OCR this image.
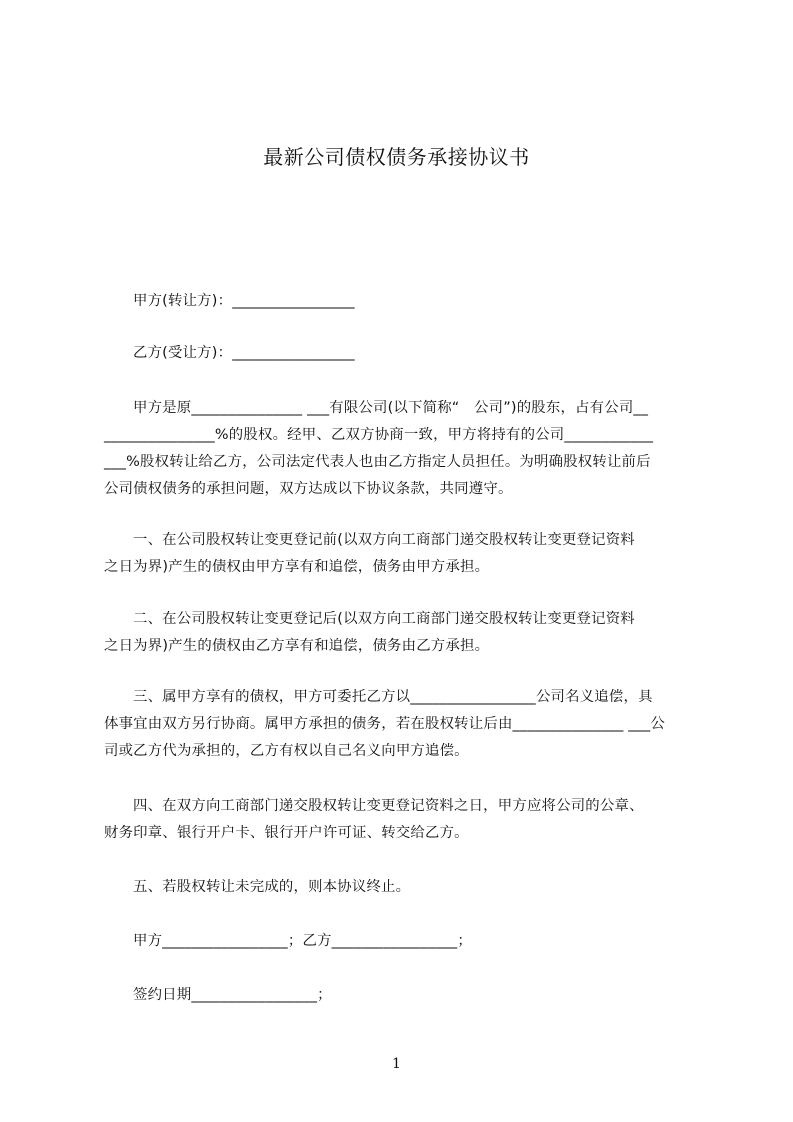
最新公司债权债务承接协议书
甲方(转让方)：_________________
乙方(受让方)：_________________
甲方是原_______________ ___有限公司(以下简称“　公司”)的股东，占有公司__
_______________%的股权。经甲、乙双方协商一致，甲方将持有的公司____________
___%股权转让给乙方，公司法定代表人也由乙方指定人员担任。为明确股权转让前后
公司债权债务的承担问题，双方达成以下协议条款，共同遵守。
一、在公司股权转让变更登记前(以双方向工商部门递交股权转让变更登记资料
之日为界)产生的债权由甲方享有和追偿，债务由甲方承担。
二、在公司股权转让变更登记后(以双方向工商部门递交股权转让变更登记资料
之日为界)产生的债权由乙方享有和追偿，债务由乙方承担。
三、属甲方享有的债权，甲方可委托乙方以_________________公司名义追偿，具
体事宜由双方另行协商。属甲方承担的债务，若在股权转让后由_______________ ___公
司或乙方代为承担的，乙方有权以自己名义向甲方追偿。
四、在双方向工商部门递交股权转让变更登记资料之日，甲方应将公司的公章、
财务印章、银行开户卡、银行开户许可证、转交给乙方。
五、若股权转让未完成的，则本协议终止。
甲方_________________；乙方_________________；
签约日期_________________；
1
